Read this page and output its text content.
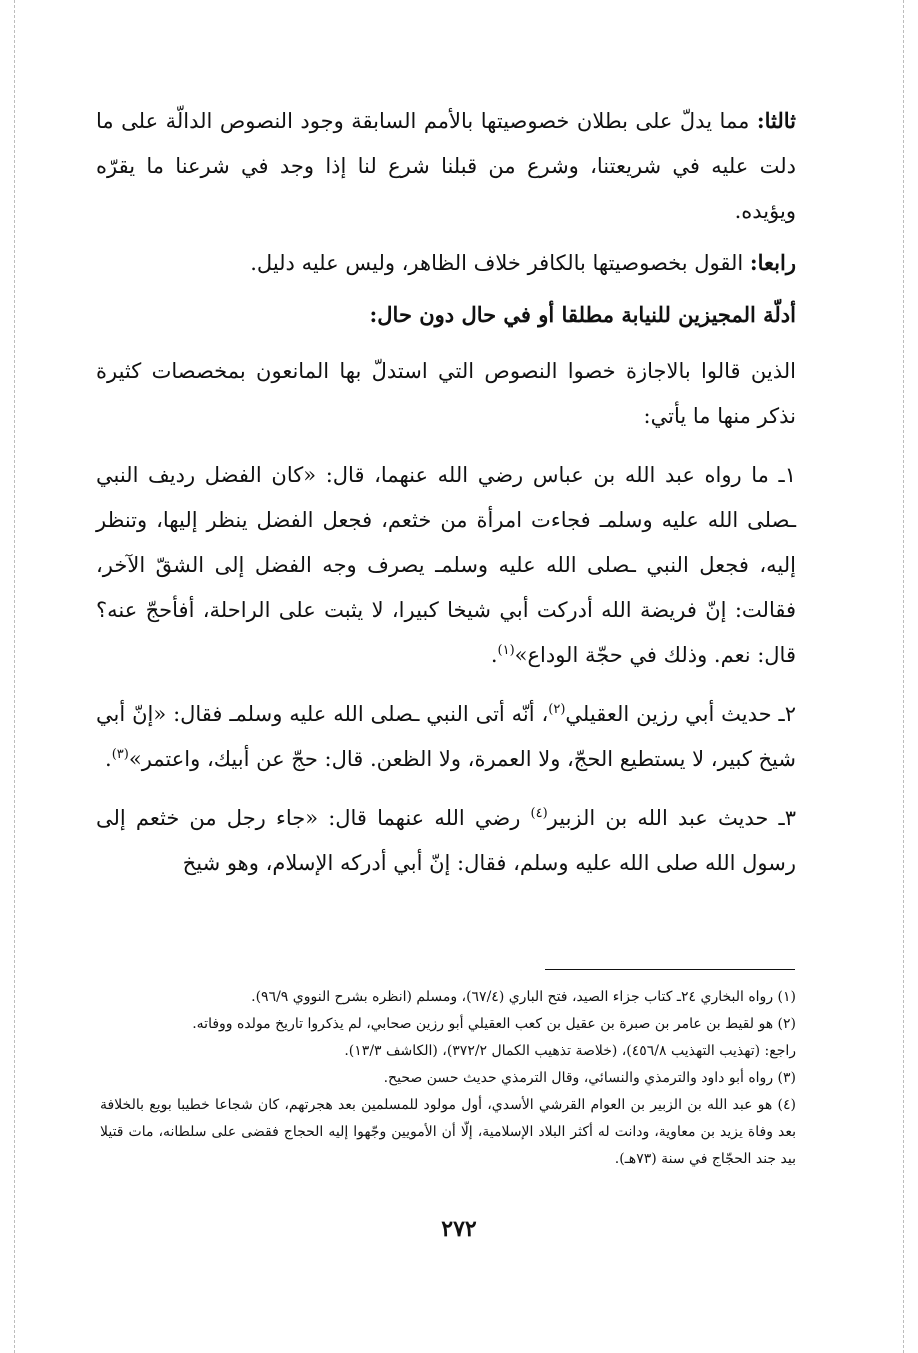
ثالثا: مما يدلّ على بطلان خصوصيتها بالأمم السابقة وجود النصوص الدالّة على ما دلت عليه في شريعتنا، وشرع من قبلنا شرع لنا إذا وجد في شرعنا ما يقرّه ويؤيده.

رابعا: القول بخصوصيتها بالكافر خلاف الظاهر، وليس عليه دليل.

أدلّة المجيزين للنيابة مطلقا أو في حال دون حال:

الذين قالوا بالاجازة خصوا النصوص التي استدلّ بها المانعون بمخصصات كثيرة نذكر منها ما يأتي:

١ـ ما رواه عبد الله بن عباس رضي الله عنهما، قال: «كان الفضل رديف النبي ـصلى الله عليه وسلمـ فجاءت امرأة من خثعم، فجعل الفضل ينظر إليها، وتنظر إليه، فجعل النبي ـصلى الله عليه وسلمـ يصرف وجه الفضل إلى الشقّ الآخر، فقالت: إنّ فريضة الله أدركت أبي شيخا كبيرا، لا يثبت على الراحلة، أفأحجّ عنه؟ قال: نعم. وذلك في حجّة الوداع»$^{(١)}$.

٢ـ حديث أبي رزين العقيلي$^{(٢)}$، أنّه أتى النبي ـصلى الله عليه وسلمـ فقال: «إنّ أبي شيخ كبير، لا يستطيع الحجّ، ولا العمرة، ولا الظعن. قال: حجّ عن أبيك، واعتمر»$^{(٣)}$.

٣ـ حديث عبد الله بن الزبير$^{(٤)}$ رضي الله عنهما قال: «جاء رجل من خثعم إلى رسول الله صلى الله عليه وسلم، فقال: إنّ أبي أدركه الإسلام، وهو شيخ

(١) رواه البخاري ٢٤ـ كتاب جزاء الصيد، فتح الباري (٦٧/٤)، ومسلم (انظره بشرح النووي ٩٦/٩).

(٢) هو لقيط بن عامر بن صبرة بن عقيل بن كعب العقيلي أبو رزين صحابي، لم يذكروا تاريخ مولده ووفاته.

راجع: (تهذيب التهذيب ٤٥٦/٨)، (خلاصة تذهيب الكمال ٣٧٢/٢)، (الكاشف ١٣/٣).

(٣) رواه أبو داود والترمذي والنسائي، وقال الترمذي حديث حسن صحيح.

(٤) هو عبد الله بن الزبير بن العوام القرشي الأسدي، أول مولود للمسلمين بعد هجرتهم، كان شجاعا خطيبا بويع بالخلافة بعد وفاة يزيد بن معاوية، ودانت له أكثر البلاد الإسلامية، إلّا أن الأمويين وجّهوا إليه الحجاج فقضى على سلطانه، مات قتيلا بيد جند الحجّاج في سنة (٧٣هـ).

٢٧٢
